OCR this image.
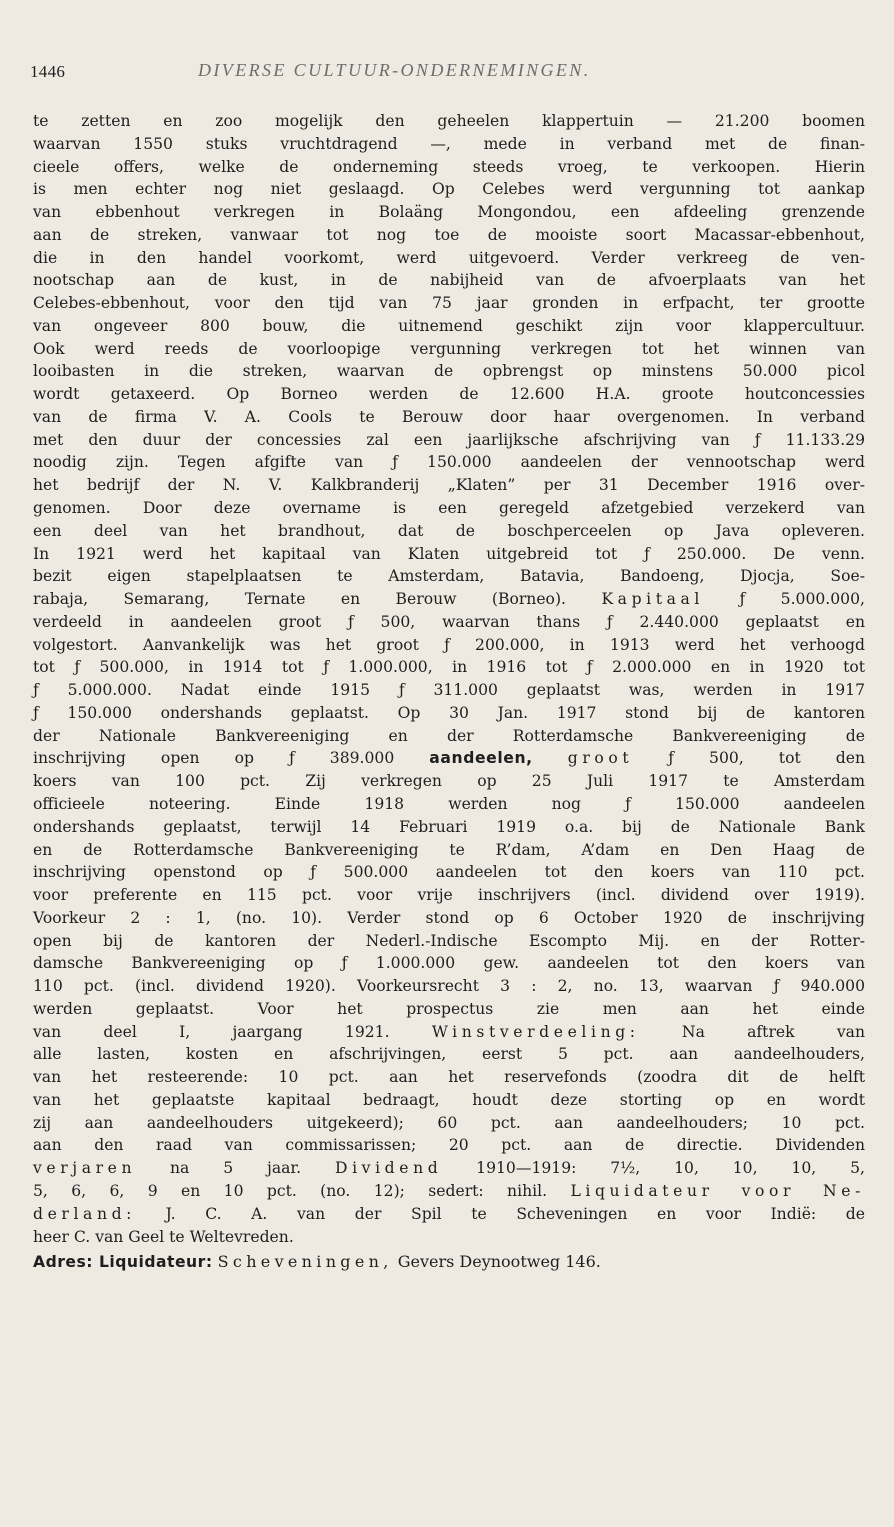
1446	DIVERSE CULTUUR-ONDERNEMINGEN.
te zetten en zoo mogelijk den geheelen klappertuin — 21.200 boomen
waarvan 1550 stuks vruchtdragend —, mede in verband met de finan-
cieele offers, welke de onderneming steeds vroeg, te verkoopen. Hierin
is men echter nog niet geslaagd. Op Celebes werd vergunning tot aankap
van ebbenhout verkregen in Bolaäng Mongondou, een afdeeling grenzende
aan de streken, vanwaar tot nog toe de mooiste soort Macassar-ebbenhout,
die in den handel voorkomt, werd uitgevoerd. Verder verkreeg de ven-
nootschap aan de kust, in de nabijheid van de afvoerplaats van het
Celebes-ebbenhout, voor den tijd van 75 jaar gronden in erfpacht, ter grootte
van ongeveer 800 bouw, die uitnemend geschikt zijn voor klappercultuur.
Ook werd reeds de voorloopige vergunning verkregen tot het winnen van
looibasten in die streken, waarvan de opbrengst op minstens 50.000 picol
wordt getaxeerd. Op Borneo werden de 12.600 H.A. groote houtconcessies
van de firma V. A. Cools te Berouw door haar overgenomen. In verband
met den duur der concessies zal een jaarlijksche afschrijving van ƒ 11.133.29
noodig zijn. Tegen afgifte van ƒ 150.000 aandeelen der vennootschap werd
het bedrijf der N. V. Kalkbranderij „Klaten” per 31 December 1916 over-
genomen. Door deze overname is een geregeld afzetgebied verzekerd van
een deel van het brandhout, dat de boschperceelen op Java opleveren.
In 1921 werd het kapitaal van Klaten uitgebreid tot ƒ 250.000. De venn.
bezit eigen stapelplaatsen te Amsterdam, Batavia, Bandoeng, Djocja, Soe-
rabaja, Semarang, Ternate en Berouw (Borneo). Kapitaal ƒ 5.000.000,
verdeeld in aandeelen groot ƒ 500, waarvan thans ƒ 2.440.000 geplaatst en
volgestort. Aanvankelijk was het groot ƒ 200.000, in 1913 werd het verhoogd
tot ƒ 500.000, in 1914 tot ƒ 1.000.000, in 1916 tot ƒ 2.000.000 en in 1920 tot
ƒ 5.000.000. Nadat einde 1915 ƒ 311.000 geplaatst was, werden in 1917
ƒ 150.000 ondershands geplaatst. Op 30 Jan. 1917 stond bij de kantoren
der Nationale Bankvereeniging en der Rotterdamsche Bankvereeniging de
inschrijving open op ƒ 389.000 aandeelen, groot ƒ 500, tot den
koers van 100 pct. Zij verkregen op 25 Juli 1917 te Amsterdam
officieele noteering. Einde 1918 werden nog ƒ 150.000 aandeelen
ondershands geplaatst, terwijl 14 Februari 1919 o.a. bij de Nationale Bank
en de Rotterdamsche Bankvereeniging te R’dam, A’dam en Den Haag de
inschrijving openstond op ƒ 500.000 aandeelen tot den koers van 110 pct.
voor preferente en 115 pct. voor vrije inschrijvers (incl. dividend over 1919).
Voorkeur 2 : 1, (no. 10). Verder stond op 6 October 1920 de inschrijving
open bij de kantoren der Nederl.-Indische Escompto Mij. en der Rotter-
damsche Bankvereeniging op ƒ 1.000.000 gew. aandeelen tot den koers van
110 pct. (incl. dividend 1920). Voorkeursrecht 3 : 2, no. 13, waarvan ƒ 940.000
werden geplaatst. Voor het prospectus zie men aan het einde
van deel I, jaargang 1921.	Winstverdeeling:	Na aftrek van
alle lasten, kosten en afschrijvingen, eerst 5 pct. aan aandeelhouders,
van het resteerende: 10 pct. aan het reservefonds (zoodra dit de helft
van het geplaatste kapitaal bedraagt, houdt deze storting op en wordt
zij aan aandeelhouders uitgekeerd); 60 pct. aan aandeelhouders; 10 pct.
aan den raad van commissarissen; 20 pct. aan de directie. Dividenden
verjaren na 5 jaar. Dividend 1910—1919: 7½, 10, 10, 10, 5,
5, 6, 6, 9 en 10 pct. (no. 12); sedert: nihil. Liquidateur voor Ne-
derland: J. C. A. van der Spil te Scheveningen en voor Indië: de
heer C. van Geel te Weltevreden.
Adres: Liquidateur: Scheveningen, Gevers Deynootweg 146.
